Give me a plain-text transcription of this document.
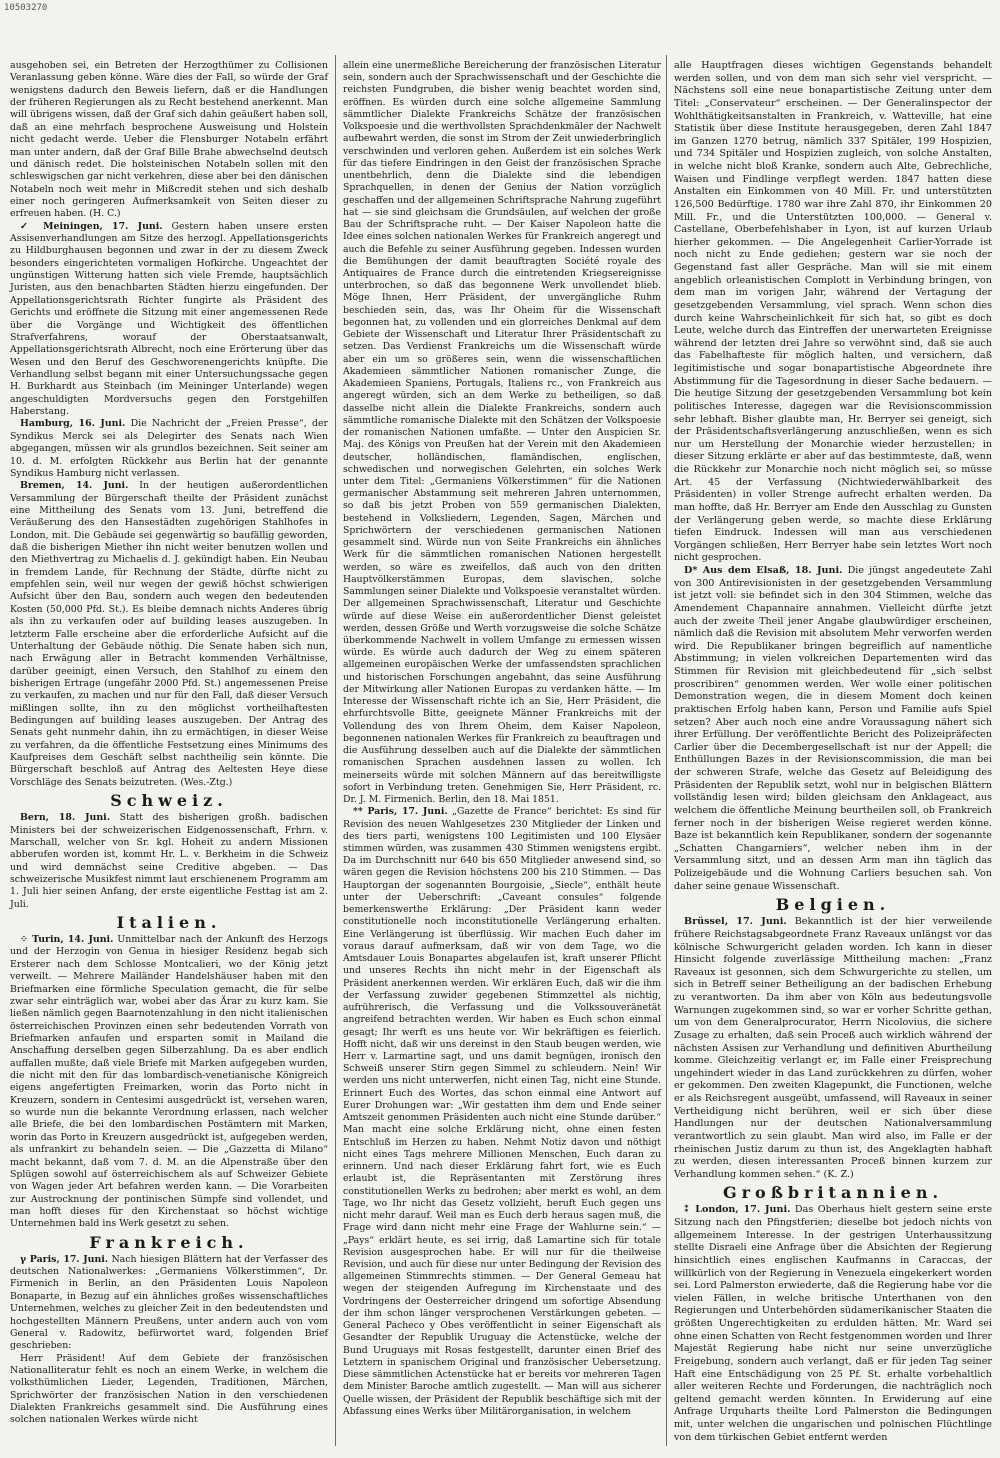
10503270

ausgehoben sei, ein Betreten der Herzogthümer zu Collisionen Veranlassung geben könne. Wäre dies der Fall, so würde der Graf wenigstens dadurch den Beweis liefern, daß er die Handlungen der früheren Regierungen als zu Recht bestehend anerkennt. Man will übrigens wissen, daß der Graf sich dahin geäußert haben soll, daß an eine mehrfach besprochene Ausweisung und Holstein nicht gedacht werde. Ueber die Flensburger Notabeln erfährt man unter andern, daß der Graf Bille Brahe abwechselnd deutsch und dänisch redet. Die holsteinischen Notabeln sollen mit den schleswigschen gar nicht verkehren, diese aber bei den dänischen Notabeln noch weit mehr in Mißcredit stehen und sich deshalb einer noch geringeren Aufmerksamkeit von Seiten dieser zu erfreuen haben. (H. C.)

✓ Meiningen, 17. Juni. Gestern haben unsere ersten Assisenverhandlungen am Sitze des herzogl. Appellationsgerichts zu Hildburghausen begonnen und zwar in der zu diesem Zweck besonders eingerichteten vormaligen Hofkirche. Ungeachtet der ungünstigen Witterung hatten sich viele Fremde, hauptsächlich Juristen, aus den benachbarten Städten hierzu eingefunden. Der Appellationsgerichtsrath Richter fungirte als Präsident des Gerichts und eröffnete die Sitzung mit einer angemessenen Rede über die Vorgänge und Wichtigkeit des öffentlichen Strafverfahrens, worauf der Oberstaatsanwalt, Appellationsgerichtsrath Albrecht, noch eine Erörterung über das Wesen und den Beruf des Geschworenengerichts knüpfte. Die Verhandlung selbst begann mit einer Untersuchungssache gegen H. Burkhardt aus Steinbach (im Meininger Unterlande) wegen angeschuldigten Mordversuchs gegen den Forstgehilfen Haberstang.

Hamburg, 16. Juni. Die Nachricht der „Freien Presse“, der Syndikus Merck sei als Delegirter des Senats nach Wien abgegangen, müssen wir als grundlos bezeichnen. Seit seiner am 10. d. M. erfolgten Rückkehr aus Berlin hat der genannte Syndikus Hamburg nicht verlassen.

Bremen, 14. Juni. In der heutigen außerordentlichen Versammlung der Bürgerschaft theilte der Präsident zunächst eine Mittheilung des Senats vom 13. Juni, betreffend die Veräußerung des den Hansestädten zugehörigen Stahlhofes in London, mit. Die Gebäude sei gegenwärtig so baufällig geworden, daß die bisherigen Miether ihn nicht weiter benutzen wollen und den Miethvertrag zu Michaelis d. J. gekündigt haben. Ein Neubau in fremdem Lande, für Rechnung der Städte, dürfte nicht zu empfehlen sein, weil nur wegen der gewiß höchst schwierigen Aufsicht über den Bau, sondern auch wegen den bedeutenden Kosten (50,000 Pfd. St.). Es bleibe demnach nichts Anderes übrig als ihn zu verkaufen oder auf building leases auszugeben. In letzterm Falle erscheine aber die erforderliche Aufsicht auf die Unterhaltung der Gebäude nöthig. Die Senate haben sich nun, nach Erwägung aller in Betracht kommenden Verhältnisse, darüber geeinigt, einen Versuch, den Stahlhof zu einem den bisherigen Ertrage (ungefähr 2000 Pfd. St.) angemessenen Preise zu verkaufen, zu machen und nur für den Fall, daß dieser Versuch mißlingen sollte, ihn zu den möglichst vortheilhaftesten Bedingungen auf building leases auszugeben. Der Antrag des Senats geht nunmehr dahin, ihn zu ermächtigen, in dieser Weise zu verfahren, da die öffentliche Festsetzung eines Minimums des Kaufpreises dem Geschäft selbst nachtheilig sein könnte. Die Bürgerschaft beschloß auf Antrag des Aeltesten Heye diese Vorschläge des Senats beizutreten. (Wes.-Ztg.)

Schweiz.

Bern, 18. Juni. Statt des bisherigen großh. badischen Ministers bei der schweizerischen Eidgenossenschaft, Frhrn. v. Marschall, welcher von Sr. kgl. Hoheit zu andern Missionen abberufen worden ist, kommt Hr. L. v. Berkheim in die Schweiz und wird demnächst seine Creditive abgeben. — Das schweizerische Musikfest nimmt laut erschienenem Programm am 1. Juli hier seinen Anfang, der erste eigentliche Festtag ist am 2. Juli.

Italien.

⁘ Turin, 14. Juni. Unmittelbar nach der Ankunft des Herzogs und der Herzogin von Genua in hiesiger Residenz begab sich Ersterer nach dem Schlosse Montcalieri, wo der König jetzt verweilt. — Mehrere Mailänder Handelshäuser haben mit den Briefmarken eine förmliche Speculation gemacht, die für selbe zwar sehr einträglich war, wobei aber das Ärar zu kurz kam. Sie ließen nämlich gegen Baarnotenzahlung in den nicht italienischen österreichischen Provinzen einen sehr bedeutenden Vorrath von Briefmarken anfaufen und ersparten somit in Mailand die Anschaffung derselben gegen Silberzahlung. Da es aber endlich auffallen mußte, daß viele Briefe mit Marken aufgegeben wurden, die nicht mit den für das lombardisch-venetianische Königreich eigens angefertigten Freimarken, worin das Porto nicht in Kreuzern, sondern in Centesimi ausgedrückt ist, versehen waren, so wurde nun die bekannte Verordnung erlassen, nach welcher alle Briefe, die bei den lombardischen Postämtern mit Marken, worin das Porto in Kreuzern ausgedrückt ist, aufgegeben werden, als unfrankirt zu behandeln seien. — Die „Gazzetta di Milano“ macht bekannt, daß vom 7. d. M. an die Alpenstraße über den Splügen sowohl auf österreichischem als auf Schweizer Gebiete von Wagen jeder Art befahren werden kann. — Die Vorarbeiten zur Austrocknung der pontinischen Sümpfe sind vollendet, und man hofft dieses für den Kirchenstaat so höchst wichtige Unternehmen bald ins Werk gesetzt zu sehen.

Frankreich.

γ Paris, 17. Juni. Nach hiesigen Blättern hat der Verfasser des deutschen Nationalwerkes: „Germaniens Völkerstimmen“, Dr. Firmenich in Berlin, an den Präsidenten Louis Napoleon Bonaparte, in Bezug auf ein ähnliches großes wissenschaftliches Unternehmen, welches zu gleicher Zeit in den bedeutendsten und hochgestellten Männern Preußens, unter andern auch von vom General v. Radowitz, befürwortet ward, folgenden Brief geschrieben:

Herr Präsident! Auf dem Gebiete der französischen Nationalliteratur fehlt es noch an einem Werke, in welchem die volksthümlichen Lieder, Legenden, Traditionen, Märchen, Sprichwörter der französischen Nation in den verschiedenen Dialekten Frankreichs gesammelt sind. Die Ausführung eines solchen nationalen Werkes würde nicht

allein eine unermeßliche Bereicherung der französischen Literatur sein, sondern auch der Sprachwissenschaft und der Geschichte die reichsten Fundgruben, die bisher wenig beachtet worden sind, eröffnen. Es würden durch eine solche allgemeine Sammlung sämmtlicher Dialekte Frankreichs Schätze der französischen Volkspoesie und die werthvollsten Sprachdenkmäler der Nachwelt aufbewahrt werden, die sonst im Strom der Zeit unwiederbringlich verschwinden und verloren gehen. Außerdem ist ein solches Werk für das tiefere Eindringen in den Geist der französischen Sprache unentbehrlich, denn die Dialekte sind die lebendigen Sprachquellen, in denen der Genius der Nation vorzüglich geschaffen und der allgemeinen Schriftsprache Nahrung zugeführt hat — sie sind gleichsam die Grundsäulen, auf welchen der große Bau der Schriftsprache ruht. — Der Kaiser Napoleon hatte die Idee eines solchen nationalen Werkes für Frankreich angeregt und auch die Befehle zu seiner Ausführung gegeben. Indessen wurden die Bemühungen der damit beauftragten Société royale des Antiquaires de France durch die eintretenden Kriegsereignisse unterbrochen, so daß das begonnene Werk unvollendet blieb. Möge Ihnen, Herr Präsident, der unvergängliche Ruhm beschieden sein, das, was Ihr Oheim für die Wissenschaft begonnen hat, zu vollenden und ein glorreiches Denkmal auf dem Gebiete der Wissenschaft und Literatur Ihrer Präsidentschaft zu setzen. Das Verdienst Frankreichs um die Wissenschaft würde aber ein um so größeres sein, wenn die wissenschaftlichen Akademieen sämmtlicher Nationen romanischer Zunge, die Akademieen Spaniens, Portugals, Italiens rc., von Frankreich aus angeregt würden, sich an dem Werke zu betheiligen, so daß dasselbe nicht allein die Dialekte Frankreichs, sondern auch sämmtliche romanische Dialekte mit den Schätzen der Volkspoesie der romanischen Nationen umfaßte. — Unter den Auspicien Sr. Maj. des Königs von Preußen hat der Verein mit den Akademieen deutscher, holländischen, flamändischen, englischen, schwedischen und norwegischen Gelehrten, ein solches Werk unter dem Titel: „Germaniens Völkerstimmen“ für die Nationen germanischer Abstammung seit mehreren Jahren unternommen, so daß bis jetzt Proben von 559 germanischen Dialekten, bestehend in Volksliedern, Legenden, Sagen, Märchen und Sprichwörtern der verschiedenen germanischen Nationen gesammelt sind. Würde nun von Seite Frankreichs ein ähnliches Werk für die sämmtlichen romanischen Nationen hergestellt werden, so wäre es zweifellos, daß auch von den dritten Hauptvölkerstämmen Europas, dem slavischen, solche Sammlungen seiner Dialekte und Volkspoesie veranstaltet würden. Der allgemeinen Sprachwissenschaft, Literatur und Geschichte würde auf diese Weise ein außerordentlicher Dienst geleistet werden, dessen Größe und Werth vorzugsweise die solche Schätze überkommende Nachwelt in vollem Umfange zu ermessen wissen würde. Es würde auch dadurch der Weg zu einem späteren allgemeinen europäischen Werke der umfassendsten sprachlichen und historischen Forschungen angebahnt, das seine Ausführung der Mitwirkung aller Nationen Europas zu verdanken hätte. — Im Interesse der Wissenschaft richte ich an Sie, Herr Präsident, die ehrfurchtsvolle Bitte, geeignete Männer Frankreichs mit der Vollendung des von Ihrem Oheim, dem Kaiser Napoleon, begonnenen nationalen Werkes für Frankreich zu beauftragen und die Ausführung desselben auch auf die Dialekte der sämmtlichen romanischen Sprachen ausdehnen lassen zu wollen. Ich meinerseits würde mit solchen Männern auf das bereitwilligste sofort in Verbindung treten. Genehmigen Sie, Herr Präsident, rc. Dr. J. M. Firmenich. Berlin, den 18. Mai 1851.

** Paris, 17. Juni. „Gazette de France“ berichtet: Es sind für Revision des neuen Wahlgesetzes 230 Mitglieder der Linken und des tiers parti, wenigstens 100 Legitimisten und 100 Elysäer stimmen würden, was zusammen 430 Stimmen wenigstens ergibt. Da im Durchschnitt nur 640 bis 650 Mitglieder anwesend sind, so wären gegen die Revision höchstens 200 bis 210 Stimmen. — Das Hauptorgan der sogenannten Bourgoisie, „Siecle“, enthält heute unter der Ueberschrift: „Caveant consules“ folgende bemerkenswerthe Erklärung: „Der Präsident kann weder constitutionelle noch inconstitutionelle Verlängerung erhalten. Eine Verlängerung ist überflüssig. Wir machen Euch daher im voraus darauf aufmerksam, daß wir von dem Tage, wo die Amtsdauer Louis Bonapartes abgelaufen ist, kraft unserer Pflicht und unseres Rechts ihn nicht mehr in der Eigenschaft als Präsident anerkennen werden. Wir erklären Euch, daß wir die ihm der Verfassung zuwider gegebenen Stimmzettel als nichtig, aufrührerisch, die Verfassung und die Volkssouveränetät angreifend betrachten werden. Wir haben es Euch schon einmal gesagt; Ihr werft es uns heute vor. Wir bekräftigen es feierlich. Hofft nicht, daß wir uns dereinst in den Staub beugen werden, wie Herr v. Larmartine sagt, und uns damit begnügen, ironisch den Schweiß unserer Stirn gegen Simmel zu schleudern. Nein! Wir werden uns nicht unterwerfen, nicht einen Tag, nicht eine Stunde. Erinnert Euch des Wortes, das schon einmal eine Antwort auf Eurer Drohungen war: „Wir gestatten ihm dem und Ende seiner Amtszeit genommen Präsidenten auch nicht eine Stunde darüber.“ Man macht eine solche Erklärung nicht, ohne einen festen Entschluß im Herzen zu haben. Nehmt Notiz davon und nöthigt nicht eines Tags mehrere Millionen Menschen, Euch daran zu erinnern. Und nach dieser Erklärung fahrt fort, wie es Euch erlaubt ist, die Repräsentanten mit Zerstörung ihres constitutionellen Werks zu bedrohen; aber merkt es wohl, an dem Tage, wo Ihr nicht das Gesetz vollzieht, beruft Euch gegen uns nicht mehr darauf. Weil man es Euch derb heraus sagen muß, die Frage wird dann nicht mehr eine Frage der Wahlurne sein.“ — „Pays“ erklärt heute, es sei irrig, daß Lamartine sich für totale Revision ausgesprochen habe. Er will nur für die theilweise Revision, und auch für diese nur unter Bedingung der Revision des allgemeinen Stimmrechts stimmen. — Der General Gemeau hat wegen der steigenden Aufregung im Kirchenstaate und des Vordringens der Oesterreicher dringend um sofortige Absendung der ihm schon länger versprochenen Verstärkungen gebeten. — General Pacheco y Obes veröffentlicht in seiner Eigenschaft als Gesandter der Republik Uruguay die Actenstücke, welche der Bund Uruguays mit Rosas festgestellt, darunter einen Brief des Letztern in spanischem Original und französischer Uebersetzung. Diese sämmtlichen Actenstücke hat er bereits vor mehreren Tagen dem Minister Baroche amtlich zugestellt. — Man will aus sicherer Quelle wissen, der Präsident der Republik beschäftige sich mit der Abfassung eines Werks über Militärorganisation, in welchem

alle Hauptfragen dieses wichtigen Gegenstands behandelt werden sollen, und von dem man sich sehr viel verspricht. — Nächstens soll eine neue bonapartistische Zeitung unter dem Titel: „Conservateur“ erscheinen. — Der Generalinspector der Wohlthätigkeitsanstalten in Frankreich, v. Watteville, hat eine Statistik über diese Institute herausgegeben, deren Zahl 1847 im Ganzen 1270 betrug, nämlich 337 Spitäler, 199 Hospizien, und 734 Spitäler und Hospizien zugleich, von solche Anstalten, in welche nicht bloß Kranke, sondern auch Alte, Gebrechliche, Waisen und Findlinge verpflegt werden. 1847 hatten diese Anstalten ein Einkommen von 40 Mill. Fr. und unterstützten 126,500 Bedürftige. 1780 war ihre Zahl 870, ihr Einkommen 20 Mill. Fr., und die Unterstützten 100,000. — General v. Castellane, Oberbefehlshaber in Lyon, ist auf kurzen Urlaub hierher gekommen. — Die Angelegenheit Carlier-Yorrade ist noch nicht zu Ende gediehen; gestern war sie noch der Gegenstand fast aller Gespräche. Man will sie mit einem angeblich orleanistischen Complott in Verbindung bringen, von dem man im vorigen Jahr, während der Vertagung der gesetzgebenden Versammlung, viel sprach. Wenn schon dies durch keine Wahrscheinlichkeit für sich hat, so gibt es doch Leute, welche durch das Eintreffen der unerwarteten Ereignisse während der letzten drei Jahre so verwöhnt sind, daß sie auch das Fabelhafteste für möglich halten, und versichern, daß legitimistische und sogar bonapartistische Abgeordnete ihre Abstimmung für die Tagesordnung in dieser Sache bedauern. — Die heutige Sitzung der gesetzgebenden Versammlung bot kein politisches Interesse, dagegen war die Revisionscommission sehr lebhaft. Bisher glaubte man, Hr. Berryer sei geneigt, sich der Präsidentschaftsverlängerung anzuschließen, wenn es sich nur um Herstellung der Monarchie wieder herzustellen; in dieser Sitzung erklärte er aber auf das bestimmteste, daß, wenn die Rückkehr zur Monarchie noch nicht möglich sei, so müsse Art. 45 der Verfassung (Nichtwiederwählbarkeit des Präsidenten) in voller Strenge aufrecht erhalten werden. Da man hoffte, daß Hr. Berryer am Ende den Ausschlag zu Gunsten der Verlängerung geben werde, so machte diese Erklärung tiefen Eindruck. Indessen will man aus verschiedenen Vorgängen schließen, Herr Berryer habe sein letztes Wort noch nicht gesprochen.

D* Aus dem Elsaß, 18. Juni. Die jüngst angedeutete Zahl von 300 Antirevisionisten in der gesetzgebenden Versammlung ist jetzt voll: sie befindet sich in den 304 Stimmen, welche das Amendement Chapannaire annahmen. Vielleicht dürfte jetzt auch der zweite Theil jener Angabe glaubwürdiger erscheinen, nämlich daß die Revision mit absolutem Mehr verworfen werden wird. Die Republikaner bringen begreiflich auf namentliche Abstimmung; in vielen volkreichen Departementen wird das Stimmen für Revision mit gleichbedeutend für „sich selbst proscribiren“ genommen werden. Wer wolle einer politischen Demonstration wegen, die in diesem Moment doch keinen praktischen Erfolg haben kann, Person und Familie aufs Spiel setzen? Aber auch noch eine andre Voraussagung nähert sich ihrer Erfüllung. Der veröffentlichte Bericht des Polizeipräfecten Carlier über die Decembergesellschaft ist nur der Appell; die Enthüllungen Bazes in der Revisionscommission, die man bei der schweren Strafe, welche das Gesetz auf Beleidigung des Präsidenten der Republik setzt, wohl nur in belgischen Blättern vollständig lesen wird; bilden gleichsam den Anklageact, aus welchem die öffentliche Meinung beurtheilen soll, ob Frankreich ferner noch in der bisherigen Weise regieret werden könne. Baze ist bekanntlich kein Republikaner, sondern der sogenannte „Schatten Changarniers“, welcher neben ihm in der Versammlung sitzt, und an dessen Arm man ihn täglich das Polizeigebäude und die Wohnung Carliers besuchen sah. Von daher seine genaue Wissenschaft.

Belgien.

Brüssel, 17. Juni. Bekanntlich ist der hier verweilende frühere Reichstagsabgeordnete Franz Raveaux unlängst vor das kölnische Schwurgericht geladen worden. Ich kann in dieser Hinsicht folgende zuverlässige Mittheilung machen: „Franz Raveaux ist gesonnen, sich dem Schwurgerichte zu stellen, um sich in Betreff seiner Betheiligung an der badischen Erhebung zu verantworten. Da ihm aber von Köln aus bedeutungsvolle Warnungen zugekommen sind, so war er vorher Schritte gethan, um von dem Generalprocurator, Herrn Nicolovius, die sichere Zusage zu erhalten, daß sein Proceß auch wirklich während der nächsten Assisen zur Verhandlung und definitiven Aburtheilung komme. Gleichzeitig verlangt er, im Falle einer Freisprechung ungehindert wieder in das Land zurückkehren zu dürfen, woher er gekommen. Den zweiten Klagepunkt, die Functionen, welche er als Reichsregent ausgeübt, umfassend, will Raveaux in seiner Vertheidigung nicht berühren, weil er sich über diese Handlungen nur der deutschen Nationalversammlung verantwortlich zu sein glaubt. Man wird also, im Falle er der rheinischen Justiz darum zu thun ist, des Angeklagten habhaft zu werden, diesen interessanten Proceß binnen kurzem zur Verhandlung kommen sehen.“ (K. Z.)

Großbritannien.

⁑ London, 17. Juni. Das Oberhaus hielt gestern seine erste Sitzung nach den Pfingstferien; dieselbe bot jedoch nichts von allgemeinem Interesse. In der gestrigen Unterhaussitzung stellte Disraeli eine Anfrage über die Absichten der Regierung hinsichtlich eines englischen Kaufmanns in Caraccas, der willkürlich von der Regierung in Venezuela eingekerkert worden sei. Lord Palmerston erwiederte, daß die Regierung habe vor die vielen Fällen, in welche britische Unterthanen von den Regierungen und Unterbehörden südamerikanischer Staaten die größten Ungerechtigkeiten zu erdulden hätten. Mr. Ward sei ohne einen Schatten von Recht festgenommen worden und Ihrer Majestät Regierung habe nicht nur seine unverzügliche Freigebung, sondern auch verlangt, daß er für jeden Tag seiner Haft eine Entschädigung von 25 Pf. St. erhalte vorbehaltlich aller weiteren Rechte und Forderungen, die nachträglich noch geltend gemacht werden könnten. In Erwiderung auf eine Anfrage Urquharts theilte Lord Palmerston die Bedingungen mit, unter welchen die ungarischen und polnischen Flüchtlinge von dem türkischen Gebiet entfernt werden
